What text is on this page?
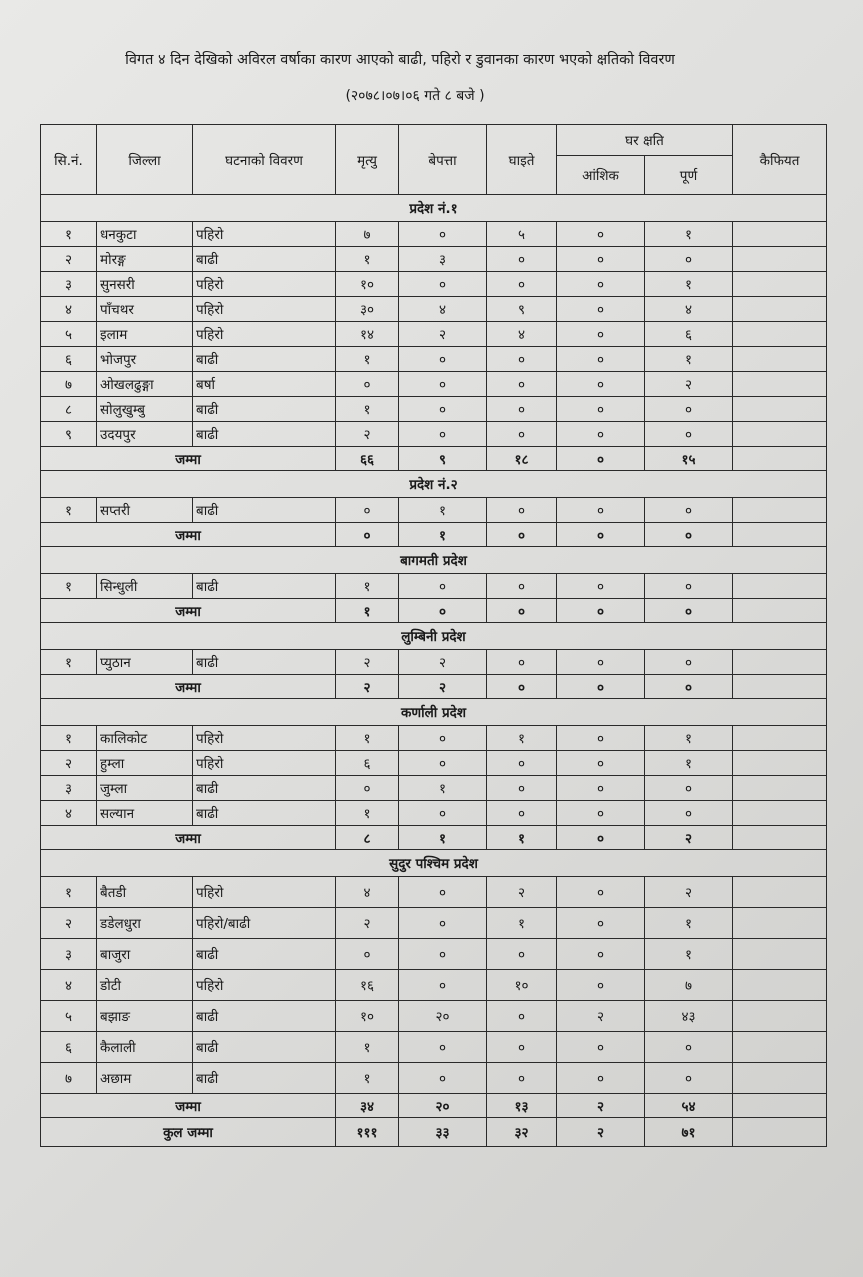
विगत ४ दिन देखिको अविरल वर्षाका कारण आएको बाढी, पहिरो र डुवानका कारण भएको क्षतिको विवरण
(२०७८।०७।०६ गते ८ बजे )
सि.नं.	जिल्ला	घटनाको विवरण	मृत्यु	बेपत्ता	घाइते	घर क्षति		कैफियत
						आंशिक	पूर्ण	
प्रदेश नं.१								
१	धनकुटा	पहिरो	७	०	५	०	१	
२	मोरङ्ग	बाढी	१	३	०	०	०	
३	सुनसरी	पहिरो	१०	०	०	०	१	
४	पाँचथर	पहिरो	३०	४	९	०	४	
५	इलाम	पहिरो	१४	२	४	०	६	
६	भोजपुर	बाढी	१	०	०	०	१	
७	ओखलढुङ्गा	बर्षा	०	०	०	०	२	
८	सोलुखुम्बु	बाढी	१	०	०	०	०	
९	उदयपुर	बाढी	२	०	०	०	०	
जम्मा			६६	९	१८	०	१५	
प्रदेश नं.२								
१	सप्तरी	बाढी	०	१	०	०	०	
जम्मा			०	१	०	०	०	
बागमती प्रदेश								
१	सिन्धुली	बाढी	१	०	०	०	०	
जम्मा			१	०	०	०	०	
लुम्बिनी प्रदेश								
१	प्युठान	बाढी	२	२	०	०	०	
जम्मा			२	२	०	०	०	
कर्णाली प्रदेश								
१	कालिकोट	पहिरो	१	०	१	०	१	
२	हुम्ला	पहिरो	६	०	०	०	१	
३	जुम्ला	बाढी	०	१	०	०	०	
४	सल्यान	बाढी	१	०	०	०	०	
जम्मा			८	१	१	०	२	
सुदुर पश्चिम प्रदेश								
१	बैतडी	पहिरो	४	०	२	०	२	
२	डडेलधुरा	पहिरो/बाढी	२	०	१	०	१	
३	बाजुरा	बाढी	०	०	०	०	१	
४	डोटी	पहिरो	१६	०	१०	०	७	
५	बझाङ	बाढी	१०	२०	०	२	४३	
६	कैलाली	बाढी	१	०	०	०	०	
७	अछाम	बाढी	१	०	०	०	०	
जम्मा			३४	२०	१३	२	५४	
कुल जम्मा			१११	३३	३२	२	७१	
